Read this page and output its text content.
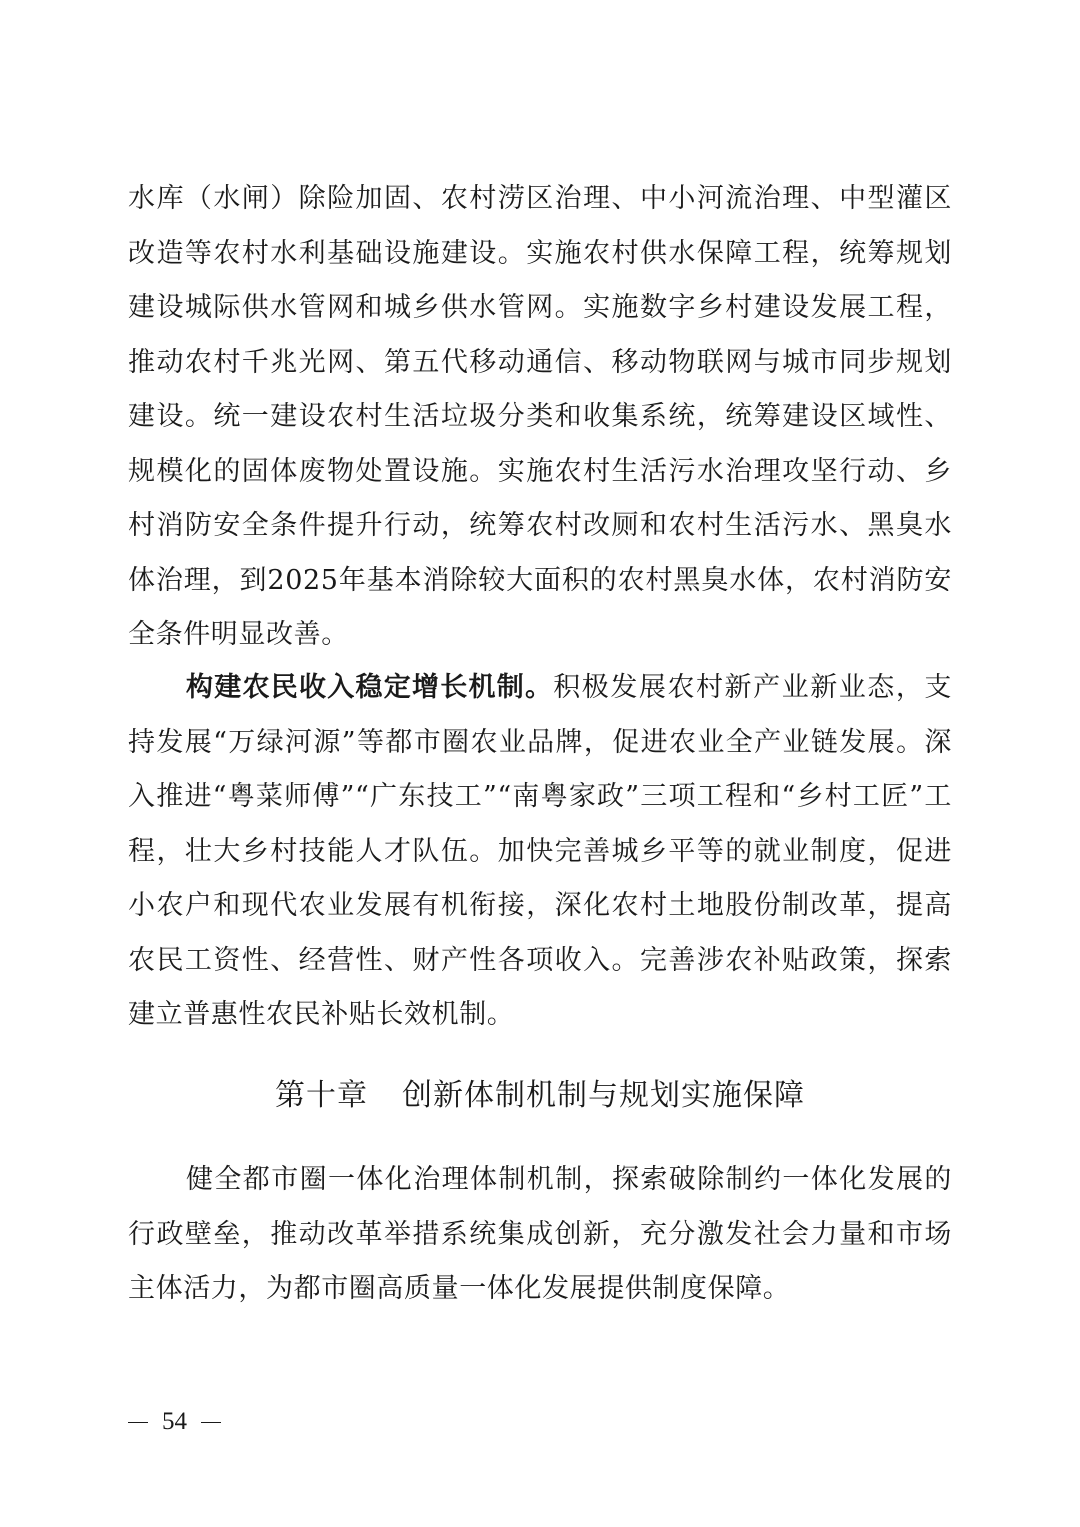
水库（水闸）除险加固、农村涝区治理、中小河流治理、中型灌区改造等农村水利基础设施建设。实施农村供水保障工程，统筹规划建设城际供水管网和城乡供水管网。实施数字乡村建设发展工程，推动农村千兆光网、第五代移动通信、移动物联网与城市同步规划建设。统一建设农村生活垃圾分类和收集系统，统筹建设区域性、规模化的固体废物处置设施。实施农村生活污水治理攻坚行动、乡村消防安全条件提升行动，统筹农村改厕和农村生活污水、黑臭水体治理，到2025年基本消除较大面积的农村黑臭水体，农村消防安全条件明显改善。

构建农民收入稳定增长机制。积极发展农村新产业新业态，支持发展“万绿河源”等都市圈农业品牌，促进农业全产业链发展。深入推进“粤菜师傅”“广东技工”“南粤家政”三项工程和“乡村工匠”工程，壮大乡村技能人才队伍。加快完善城乡平等的就业制度，促进小农户和现代农业发展有机衔接，深化农村土地股份制改革，提高农民工资性、经营性、财产性各项收入。完善涉农补贴政策，探索建立普惠性农民补贴长效机制。

第十章 创新体制机制与规划实施保障

健全都市圈一体化治理体制机制，探索破除制约一体化发展的行政壁垒，推动改革举措系统集成创新，充分激发社会力量和市场主体活力，为都市圈高质量一体化发展提供制度保障。

54
